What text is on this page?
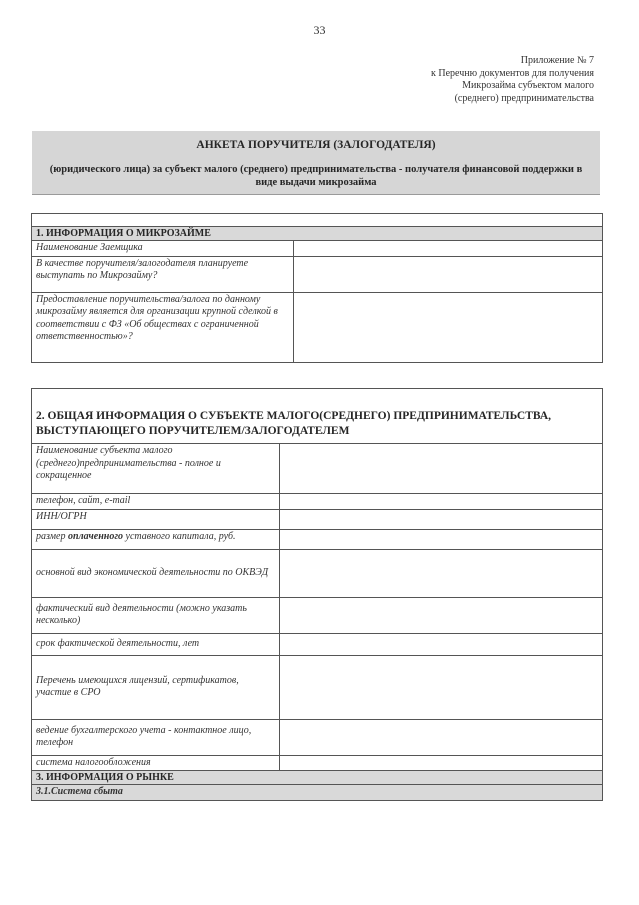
33
Приложение № 7
к Перечню документов для получения
Микрозайма субъектом малого
(среднего) предпринимательства
АНКЕТА ПОРУЧИТЕЛЯ (ЗАЛОГОДАТЕЛЯ)
(юридического лица) за субъект малого (среднего) предпринимательства - получателя финансовой поддержки в виде выдачи микрозайма

1. ИНФОРМАЦИЯ О МИКРОЗАЙМЕ	
Наименование Заемщика	
В качестве поручителя/залогодателя планируете выступать по Микрозайму?	
Предоставление поручительства/залога по данному микрозайму является для организации крупной сделкой в соответствии с ФЗ «Об обществах с ограниченной ответственностью»?	
2. ОБЩАЯ ИНФОРМАЦИЯ О СУБЪЕКТЕ МАЛОГО(СРЕДНЕГО) ПРЕДПРИНИМАТЕЛЬСТВА, ВЫСТУПАЮЩЕГО ПОРУЧИТЕЛЕМ/ЗАЛОГОДАТЕЛЕМ	
Наименование субъекта малого (среднего)предпринимательства - полное и сокращенное	
телефон, сайт, e-mail	
ИНН/ОГРН	
размер оплаченного уставного капитала, руб.	
основной вид экономической деятельности по ОКВЭД	
фактический вид деятельности (можно указать несколько)	
срок фактической деятельности, лет	
Перечень имеющихся лицензий, сертификатов, участие в СРО	
ведение бухгалтерского учета - контактное лицо, телефон	
система налогообложения	
3. ИНФОРМАЦИЯ О РЫНКЕ	
3.1.Система сбыта	
